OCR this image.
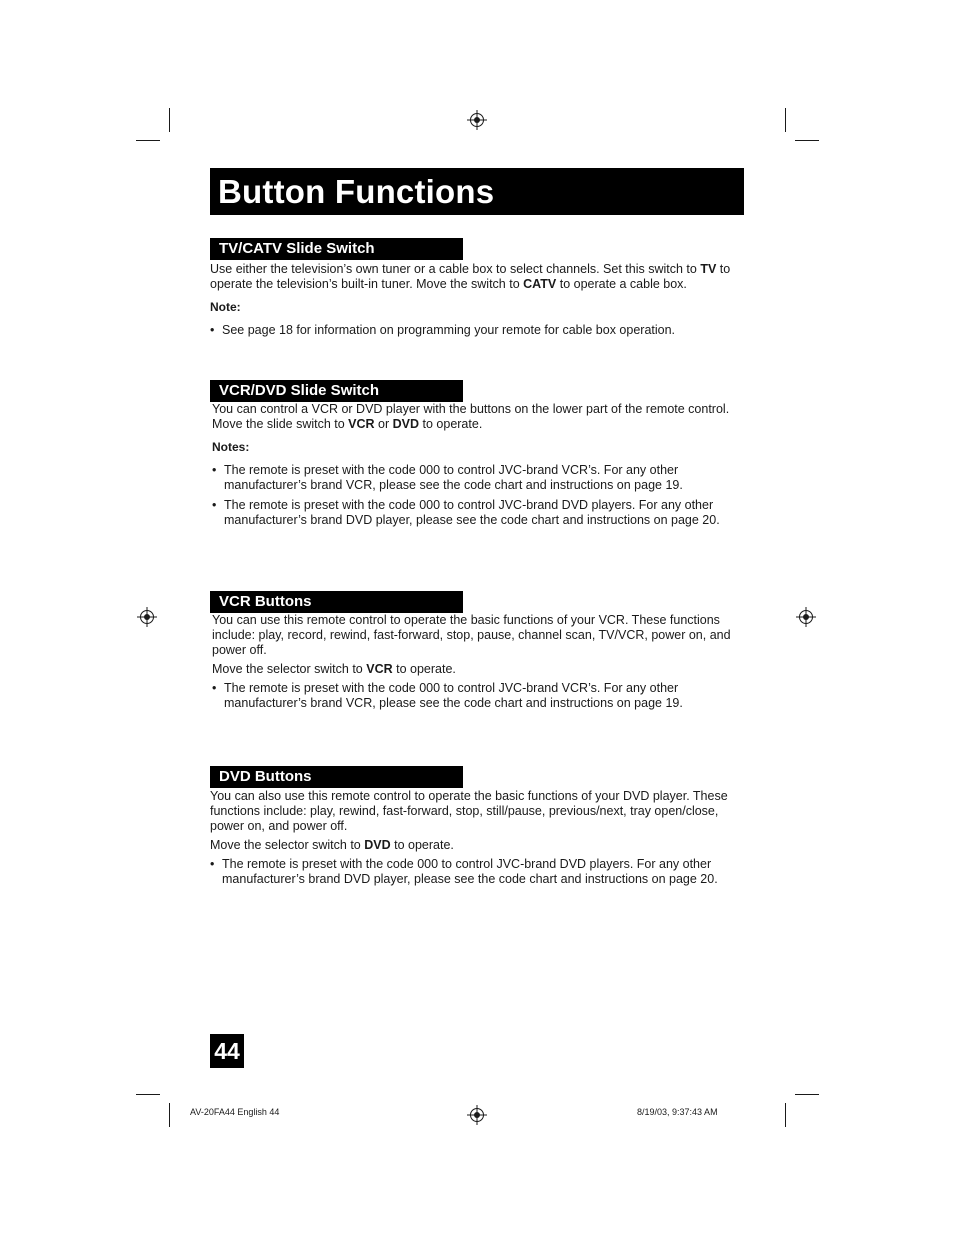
Button Functions
TV/CATV Slide Switch

Use either the television’s own tuner or a cable box to select channels. Set this switch to TV to operate the television’s built-in tuner. Move the switch to CATV to operate a cable box.

Note:

• See page 18 for information on programming your remote for cable box operation.
VCR/DVD Slide Switch

You can control a VCR or DVD player with the buttons on the lower part of the remote control. Move the slide switch to VCR or DVD to operate.

Notes:

• The remote is preset with the code 000 to control JVC-brand VCR’s. For any other manufacturer’s brand VCR, please see the code chart and instructions on page 19.
• The remote is preset with the code 000 to control JVC-brand DVD players. For any other manufacturer’s brand DVD player, please see the code chart and instructions on page 20.
VCR Buttons

You can use this remote control to operate the basic functions of your VCR. These functions include: play, record, rewind, fast-forward, stop, pause, channel scan, TV/VCR, power on, and power off.

Move the selector switch to VCR to operate.

• The remote is preset with the code 000 to control JVC-brand VCR’s. For any other manufacturer’s brand VCR, please see the code chart and instructions on page 19.
DVD Buttons

You can also use this remote control to operate the basic functions of your DVD player. These functions include: play, rewind, fast-forward, stop, still/pause, previous/next, tray open/close, power on, and power off.

Move the selector switch to DVD to operate.

• The remote is preset with the code 000 to control JVC-brand DVD players. For any other manufacturer’s brand DVD player, please see the code chart and instructions on page 20.
44
AV-20FA44 English 44	8/19/03, 9:37:43 AM
